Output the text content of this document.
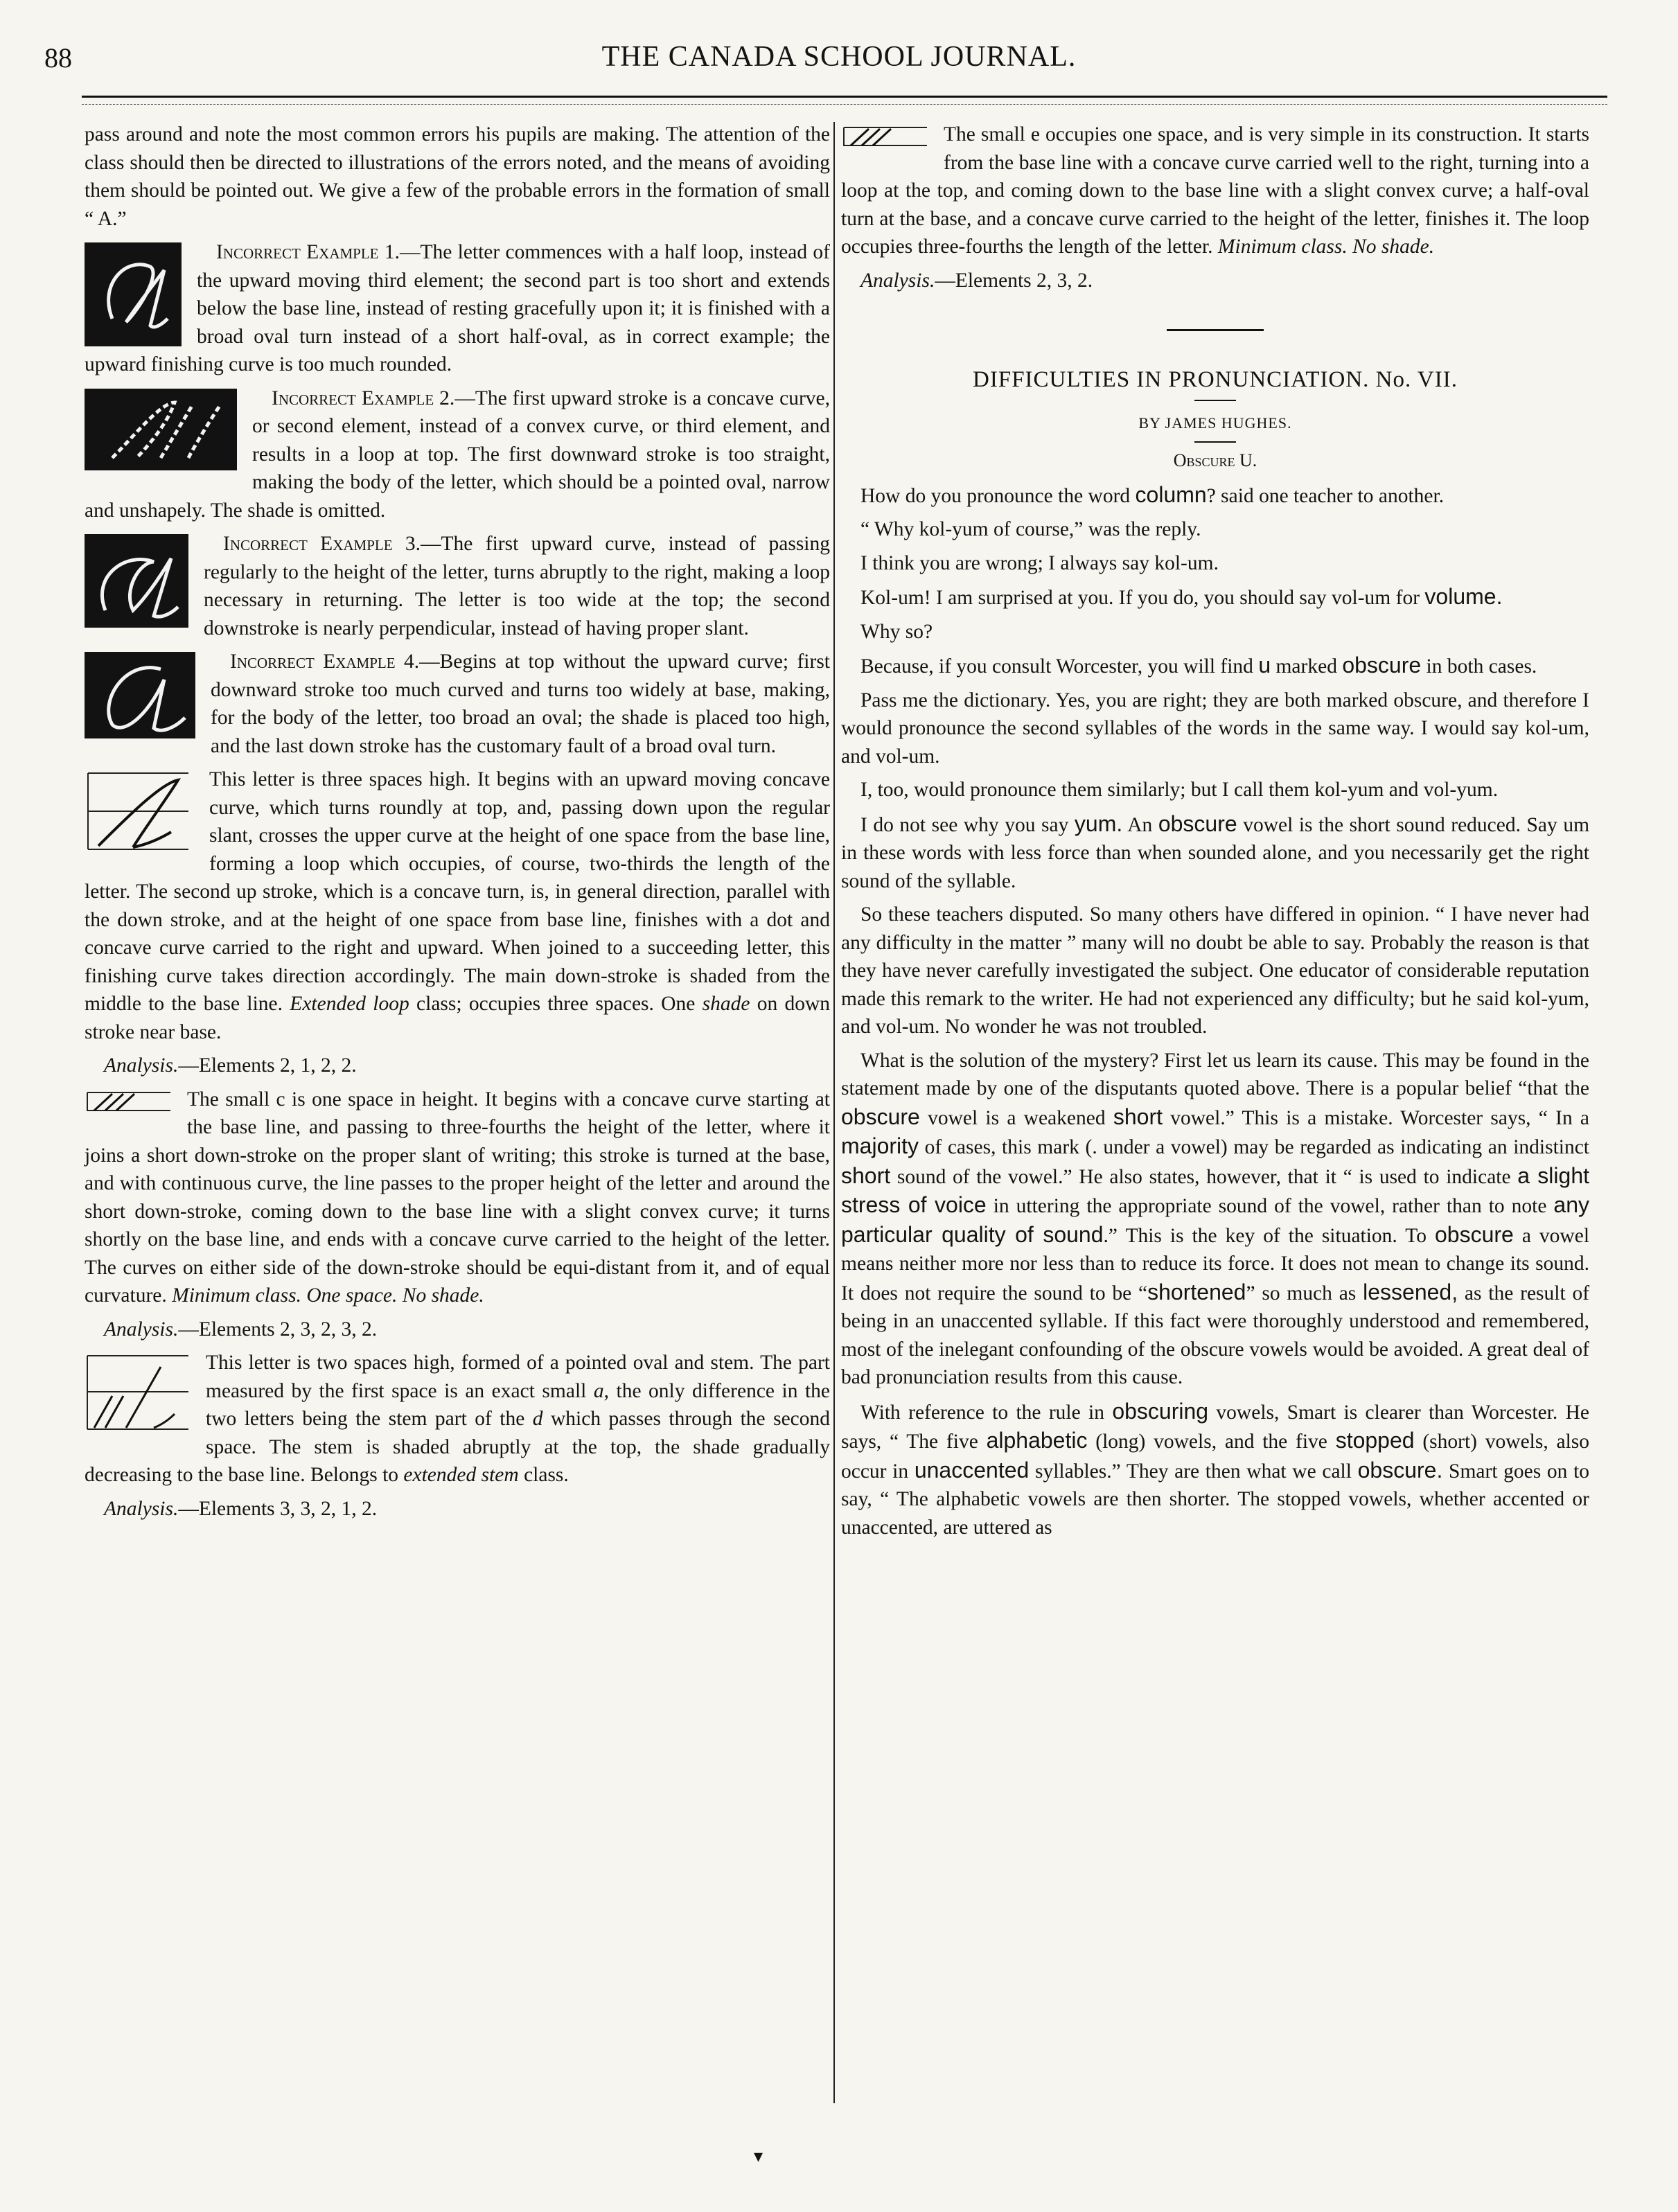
88	THE CANADA SCHOOL JOURNAL.

pass around and note the most common errors his pupils are making. The attention of the class should then be directed to illustrations of the errors noted, and the means of avoiding them should be pointed out. We give a few of the probable errors in the formation of small “ A.”

Incorrect Example 1.
—The letter commences with a half loop, instead of the upward moving third element; the second part is too short and extends below the base line, instead of resting gracefully upon it; it is finished with a broad oval turn instead of a short half-oval, as in correct example; the upward finishing curve is too much rounded.

Incorrect Example 2.
—The first upward stroke is a concave curve, or second element, instead of a convex curve, or third element, and results in a loop at top. The first downward stroke is too straight, making the body of the letter, which should be a pointed oval, narrow and unshapely. The shade is omitted.

Incorrect Example 3.
—The first upward curve, instead of passing regularly to the height of the letter, turns abruptly to the right, making a loop necessary in returning. The letter is too wide at the top; the second downstroke is nearly perpendicular, instead of having proper slant.

Incorrect Example 4.
—Begins at top without the upward curve; first downward stroke too much curved and turns too widely at base, making, for the body of the letter, too broad an oval; the shade is placed too high, and the last down stroke has the customary fault of a broad oval turn.

This letter is three spaces high. It begins with an upward moving concave curve, which turns roundly at top, and, passing down upon the regular slant, crosses the upper curve at the height of one space from the base line, forming a loop which occupies, of course, two-thirds the length of the letter. The second up stroke, which is a concave turn, is, in general direction, parallel with the down stroke, and at the height of one space from base line, finishes with a dot and concave curve carried to the right and upward. When joined to a succeeding letter, this finishing curve takes direction accordingly. The main down-stroke is shaded from the middle to the base line. Extended loop class; occupies three spaces. One shade on down stroke near base.

Analysis.—Elements 2, 1, 2, 2.

The small c is one space in height. It begins with a concave curve starting at the base line, and passing to three-fourths the height of the letter, where it joins a short down-stroke on the proper slant of writing; this stroke is turned at the base, and with continuous curve, the line passes to the proper height of the letter and around the short down-stroke, coming down to the base line with a slight convex curve; it turns shortly on the base line, and ends with a concave curve carried to the height of the letter. The curves on either side of the down-stroke should be equi-distant from it, and of equal curvature. Minimum class. One space. No shade.

Analysis.—Elements 2, 3, 2, 3, 2.

This letter is two spaces high, formed of a pointed oval and stem. The part measured by the first space is an exact small a, the only difference in the two letters being the stem part of the d which passes through the second space. The stem is shaded abruptly at the top, the shade gradually decreasing to the base line. Belongs to extended stem class.

Analysis.—Elements 3, 3, 2, 1, 2.

The small e occupies one space, and is very simple in its construction. It starts from the base line with a concave curve carried well to the right, turning into a loop at the top, and coming down to the base line with a slight convex curve; a half-oval turn at the base, and a concave curve carried to the height of the letter, finishes it. The loop occupies three-fourths the length of the letter. Minimum class. No shade.

Analysis.—Elements 2, 3, 2.

DIFFICULTIES IN PRONUNCIATION. No. VII.
BY JAMES HUGHES.
Obscure U.

How do you pronounce the word column? said one teacher to another.

“ Why kol-yum of course,” was the reply.

I think you are wrong; I always say kol-um.

Kol-um! I am surprised at you. If you do, you should say vol-um for volume.

Why so?

Because, if you consult Worcester, you will find u marked obscure in both cases.

Pass me the dictionary. Yes, you are right; they are both marked obscure, and therefore I would pronounce the second syllables of the words in the same way. I would say kol-um, and vol-um.

I, too, would pronounce them similarly; but I call them kol-yum and vol-yum.

I do not see why you say yum. An obscure vowel is the short sound reduced. Say um in these words with less force than when sounded alone, and you necessarily get the right sound of the syllable.

So these teachers disputed. So many others have differed in opinion. “ I have never had any difficulty in the matter ” many will no doubt be able to say. Probably the reason is that they have never carefully investigated the subject. One educator of considerable reputation made this remark to the writer. He had not experienced any difficulty; but he said kol-yum, and vol-um. No wonder he was not troubled.

What is the solution of the mystery? First let us learn its cause. This may be found in the statement made by one of the disputants quoted above. There is a popular belief “that the obscure vowel is a weakened short vowel.” This is a mistake. Worcester says, “ In a majority of cases, this mark (. under a vowel) may be regarded as indicating an indistinct short sound of the vowel.” He also states, however, that it “ is used to indicate a slight stress of voice in uttering the appropriate sound of the vowel, rather than to note any particular quality of sound.” This is the key of the situation. To obscure a vowel means neither more nor less than to reduce its force. It does not mean to change its sound. It does not require the sound to be “shortened” so much as lessened, as the result of being in an unaccented syllable. If this fact were thoroughly understood and remembered, most of the inelegant confounding of the obscure vowels would be avoided. A great deal of bad pronunciation results from this cause.

With reference to the rule in obscuring vowels, Smart is clearer than Worcester. He says, “ The five alphabetic (long) vowels, and the five stopped (short) vowels, also occur in unaccented syllables.” They are then what we call obscure. Smart goes on to say, “ The alphabetic vowels are then shorter. The stopped vowels, whether accented or unaccented, are uttered as

▾
